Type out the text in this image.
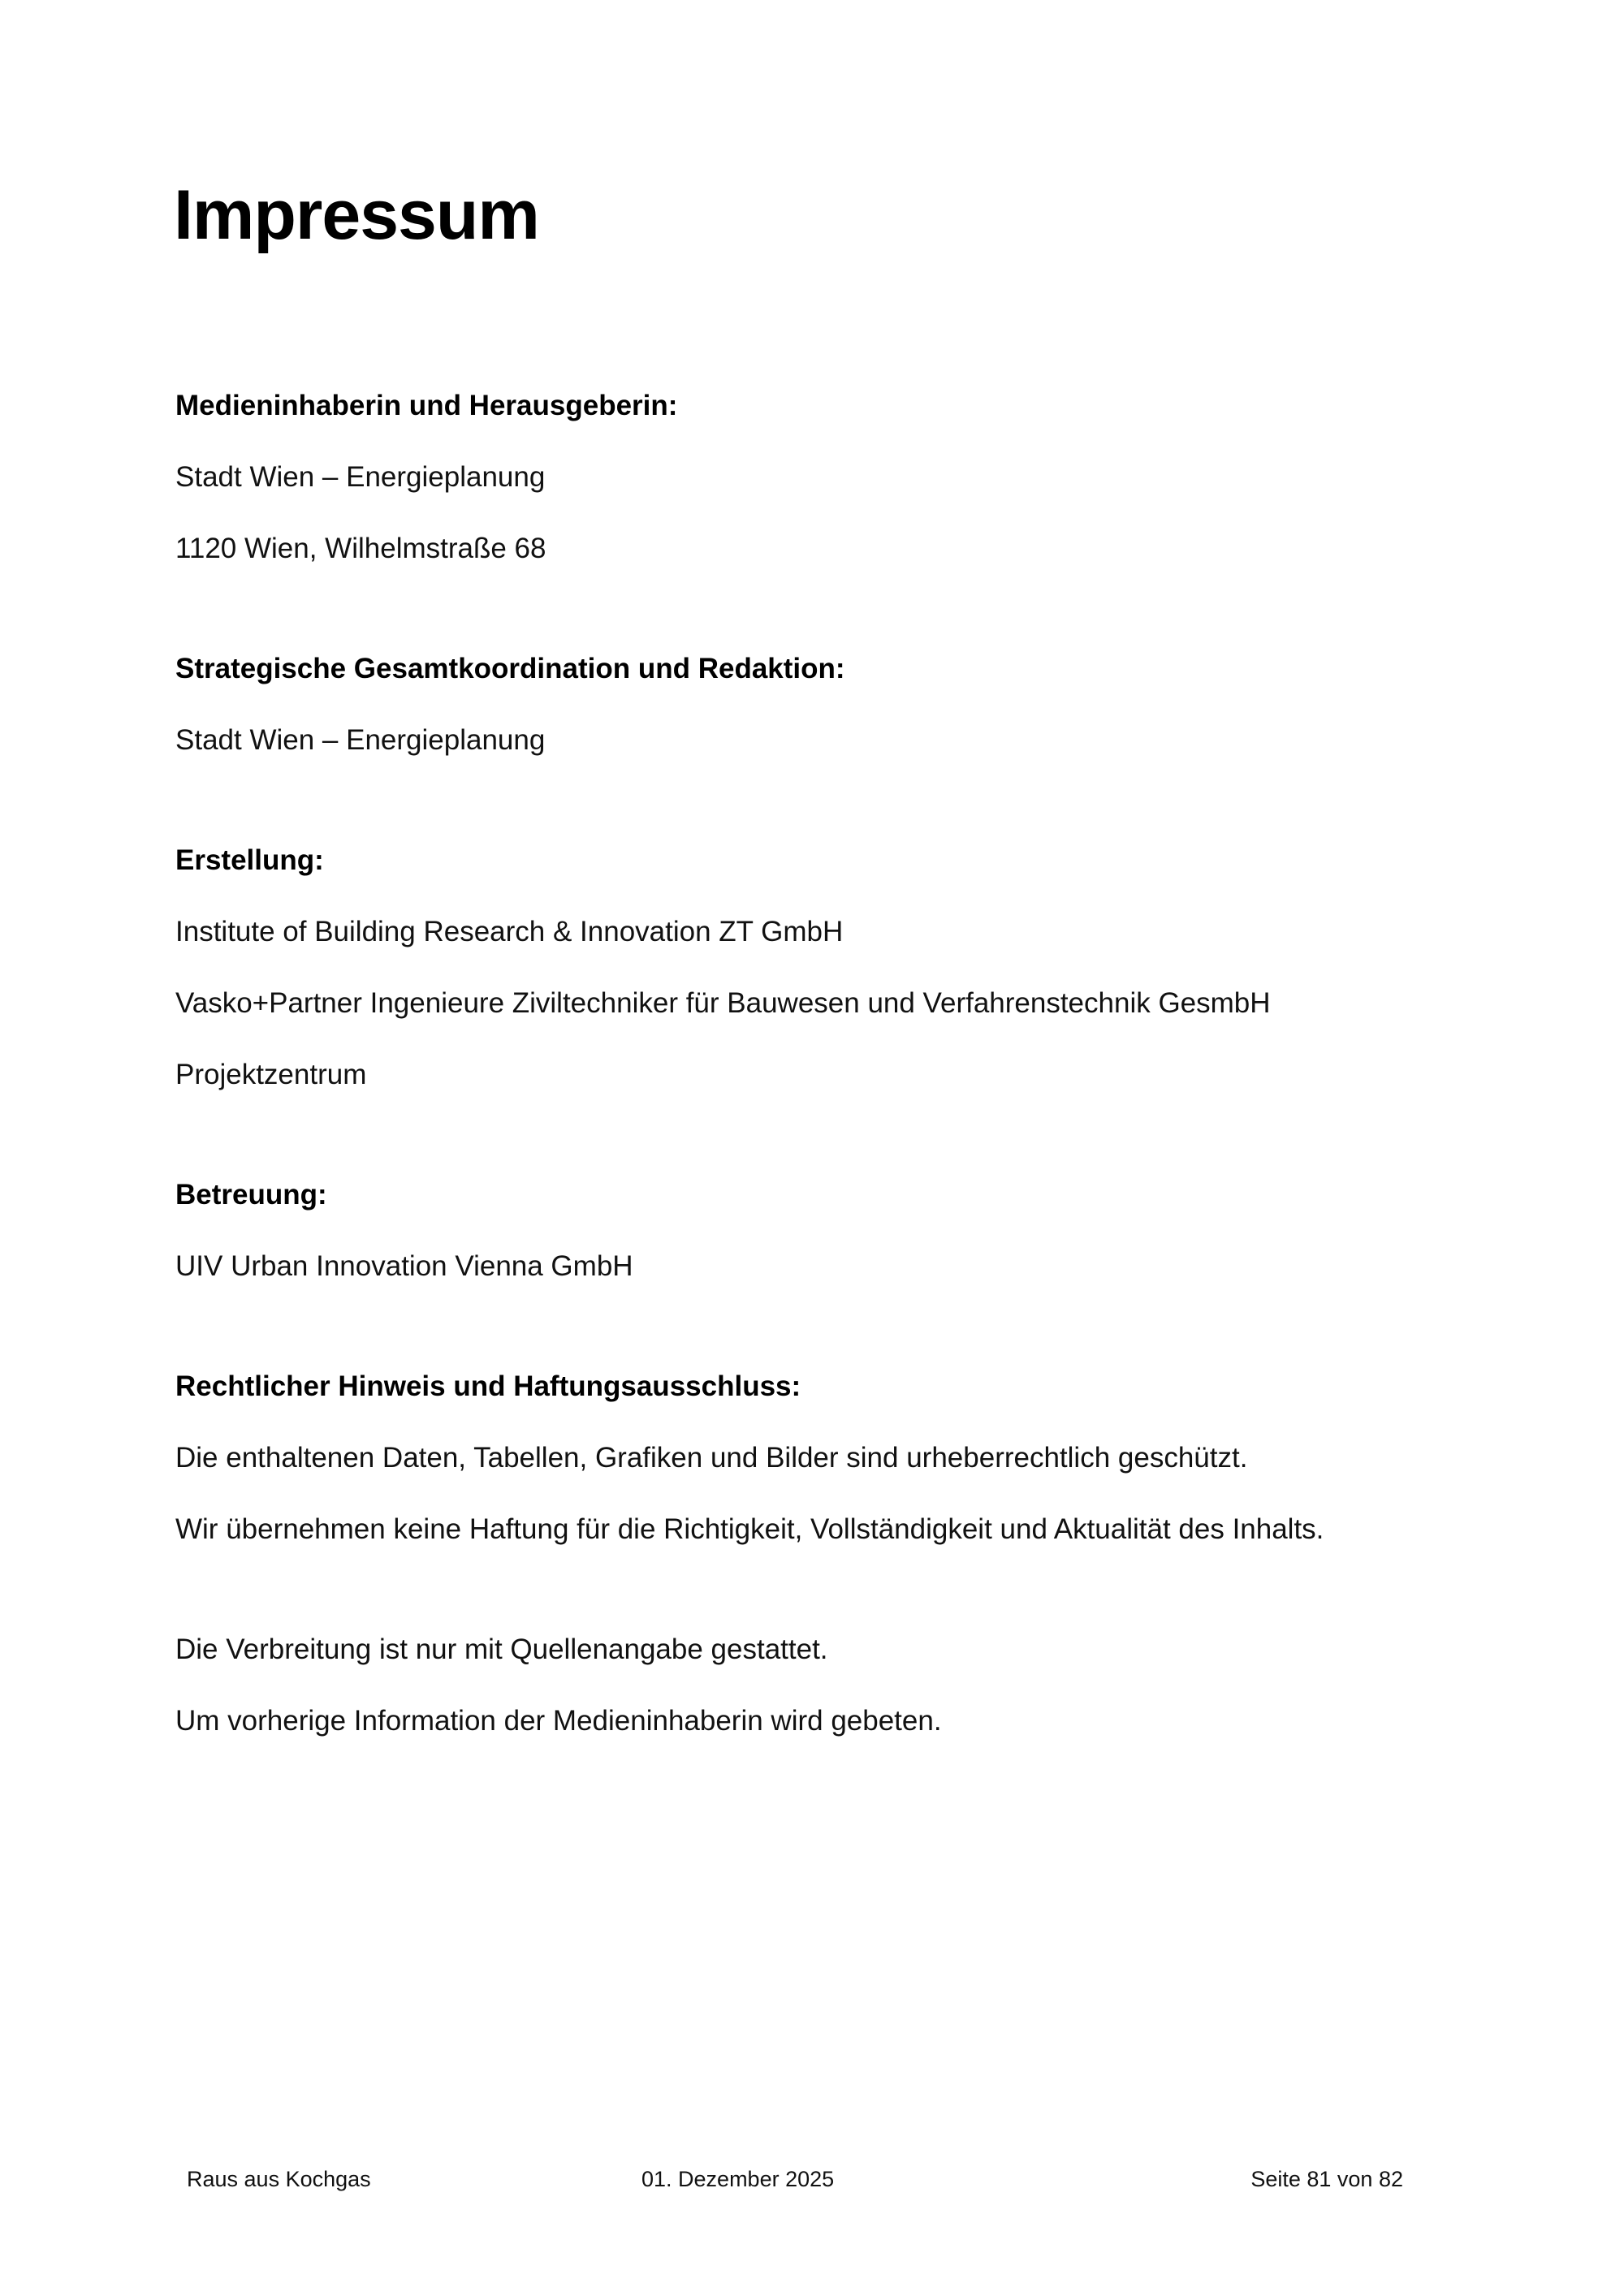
Impressum

Medieninhaberin und Herausgeberin:

Stadt Wien – Energieplanung

1120 Wien, Wilhelmstraße 68

Strategische Gesamtkoordination und Redaktion:

Stadt Wien – Energieplanung

Erstellung:

Institute of Building Research & Innovation ZT GmbH

Vasko+Partner Ingenieure Ziviltechniker für Bauwesen und Verfahrenstechnik GesmbH

Projektzentrum

Betreuung:

UIV Urban Innovation Vienna GmbH

Rechtlicher Hinweis und Haftungsausschluss:

Die enthaltenen Daten, Tabellen, Grafiken und Bilder sind urheberrechtlich geschützt.

Wir übernehmen keine Haftung für die Richtigkeit, Vollständigkeit und Aktualität des Inhalts.

Die Verbreitung ist nur mit Quellenangabe gestattet.

Um vorherige Information der Medieninhaberin wird gebeten.

Raus aus Kochgas	01. Dezember 2025	Seite 81 von 82
